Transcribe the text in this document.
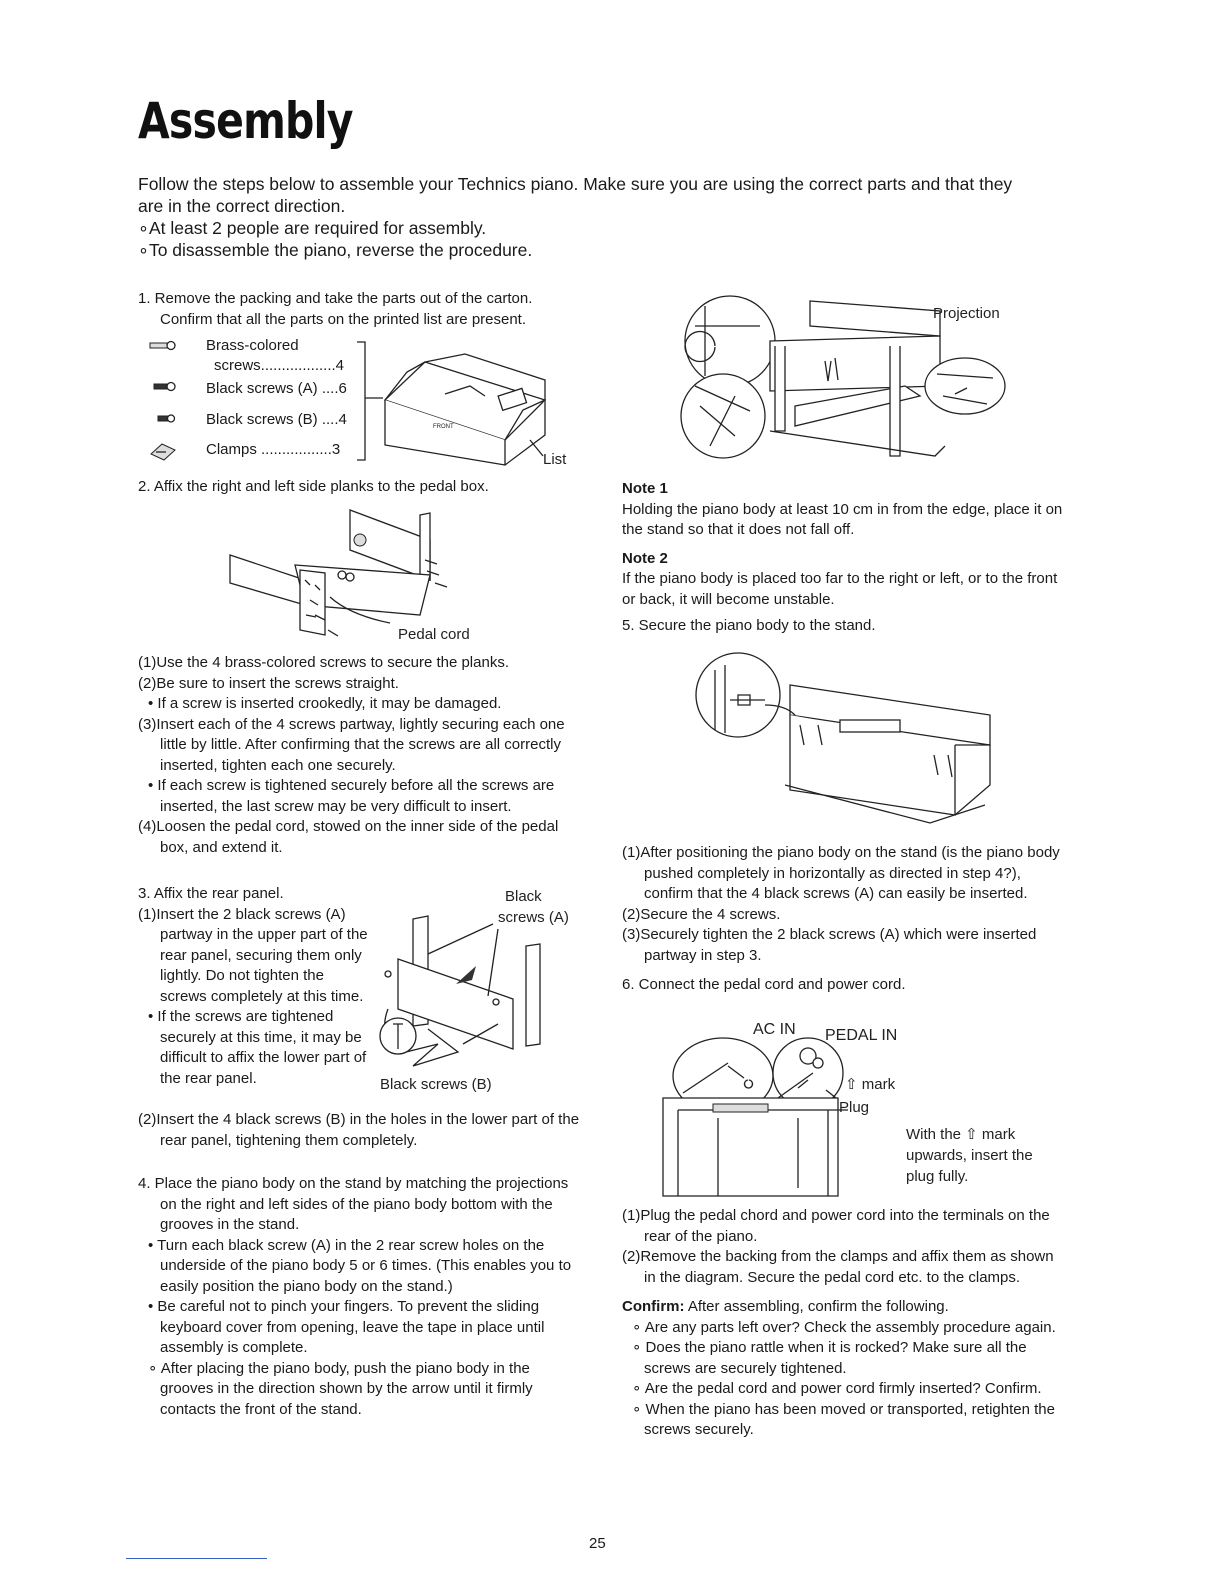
Assembly
Follow the steps below to assemble your Technics piano. Make sure you are using the correct parts and that they
are in the correct direction.
∘At least 2 people are required for assembly.
∘To disassemble the piano, reverse the procedure.
1. Remove the packing and take the parts out of the carton.
Confirm that all the parts on the printed list are present.
Brass-colored
screws..................4
Black screws (A) ....6
Black screws (B) ....4
Clamps .................3
FRONT
List
2. Affix the right and left side planks to the pedal box.
Pedal cord
(1)Use the 4 brass-colored screws to secure the planks.
(2)Be sure to insert the screws straight.
• If a screw is inserted crookedly, it may be damaged.
(3)Insert each of the 4 screws partway, lightly securing each one little by little. After confirming that the screws are all correctly inserted, tighten each one securely.
• If each screw is tightened securely before all the screws are inserted, the last screw may be very difficult to insert.
(4)Loosen the pedal cord, stowed on the inner side of the pedal box, and extend it.
3. Affix the rear panel.
(1)Insert the 2 black screws (A) partway in the upper part of the rear panel, securing them only lightly. Do not tighten the screws completely at this time.
• If the screws are tightened securely at this time, it may be difficult to affix the lower part of the rear panel.
(2)Insert the 4 black screws (B) in the holes in the lower part of the rear panel, tightening them completely.
Black
screws (A)
Black screws (B)
4. Place the piano body on the stand by matching the projections on the right and left sides of the piano body bottom with the grooves in the stand.
• Turn each black screw (A) in the 2 rear screw holes on the underside of the piano body 5 or 6 times. (This enables you to easily position the piano body on the stand.)
• Be careful not to pinch your fingers. To prevent the sliding keyboard cover from opening, leave the tape in place until assembly is complete.
∘ After placing the piano body, push the piano body in the grooves in the direction shown by the arrow until it firmly contacts the front of the stand.
Projection
Note 1
Holding the piano body at least 10 cm in from the edge, place it on the stand so that it does not fall off.
Note 2
If the piano body is placed too far to the right or left, or to the front or back, it will become unstable.
5. Secure the piano body to the stand.
(1)After positioning the piano body on the stand (is the piano body pushed completely in horizontally as directed in step 4?), confirm that the 4 black screws (A) can easily be inserted.
(2)Secure the 4 screws.
(3)Securely tighten the 2 black screws (A) which were inserted partway in step 3.
6. Connect the pedal cord and power cord.
AC IN PEDAL IN
⇧ mark
Plug
With the ⇧ mark
upwards, insert the
plug fully.
(1)Plug the pedal chord and power cord into the terminals on the rear of the piano.
(2)Remove the backing from the clamps and affix them as shown in the diagram. Secure the pedal cord etc. to the clamps.
Confirm: After assembling, confirm the following.
∘ Are any parts left over? Check the assembly procedure again.
∘ Does the piano rattle when it is rocked? Make sure all the screws are securely tightened.
∘ Are the pedal cord and power cord firmly inserted? Confirm.
∘ When the piano has been moved or transported, retighten the screws securely.
25
